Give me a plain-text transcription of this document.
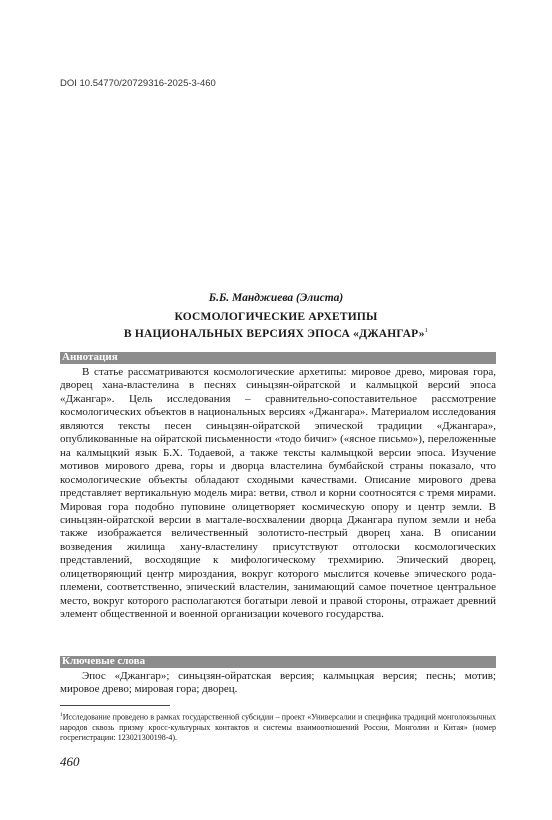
DOI 10.54770/20729316-2025-3-460
Б.Б. Манджиева (Элиста)
КОСМОЛОГИЧЕСКИЕ АРХЕТИПЫ
В НАЦИОНАЛЬНЫХ ВЕРСИЯХ ЭПОСА «ДЖАНГАР»$^1$
Аннотация

В статье рассматриваются космологические архетипы: мировое древо, мировая гора, дворец хана-властелина в песнях синьцзян-ойратской и калмыцкой версий эпоса «Джангар». Цель исследования – сравнительно-сопоставительное рассмотрение космологических объектов в национальных версиях «Джангара». Материалом исследования являются тексты песен синьцзян-ойратской эпической традиции «Джангара», опубликованные на ойратской письменности «тодо бичиг» («ясное письмо»), переложенные на калмыцкий язык Б.Х. Тодаевой, а также тексты калмыцкой версии эпоса. Изучение мотивов мирового древа, горы и дворца властелина бумбайской страны показало, что космологические объекты обладают сходными качествами. Описание мирового древа представляет вертикальную модель мира: ветви, ствол и корни соотносятся с тремя мирами. Мировая гора подобно пуповине олицетворяет космическую опору и центр земли. В синьцзян-ойратской версии в магтале-восхвалении дворца Джангара пупом земли и неба также изображается величественный золотисто-пестрый дворец хана. В описании возведения жилища хану-властелину присутствуют отголоски космологических представлений, восходящие к мифологическому трехмирию. Эпический дворец, олицетворяющий центр мироздания, вокруг которого мыслится кочевье эпического рода-племени, соответственно, эпический властелин, занимающий самое почетное центральное место, вокруг которого располагаются богатыри левой и правой стороны, отражает древний элемент общественной и военной организации кочевого государства.

Ключевые слова

Эпос «Джангар»; синьцзян-ойратская версия; калмыцкая версия; песнь; мотив; мировое древо; мировая гора; дворец.

$^1$Исследование проведено в рамках государственной субсидии – проект «Универсалии и специфика традиций монголоязычных народов сквозь призму кросс-культурных контактов и системы взаимоотношений России, Монголии и Китая» (номер госрегистрации: 123021300198-4).
460
